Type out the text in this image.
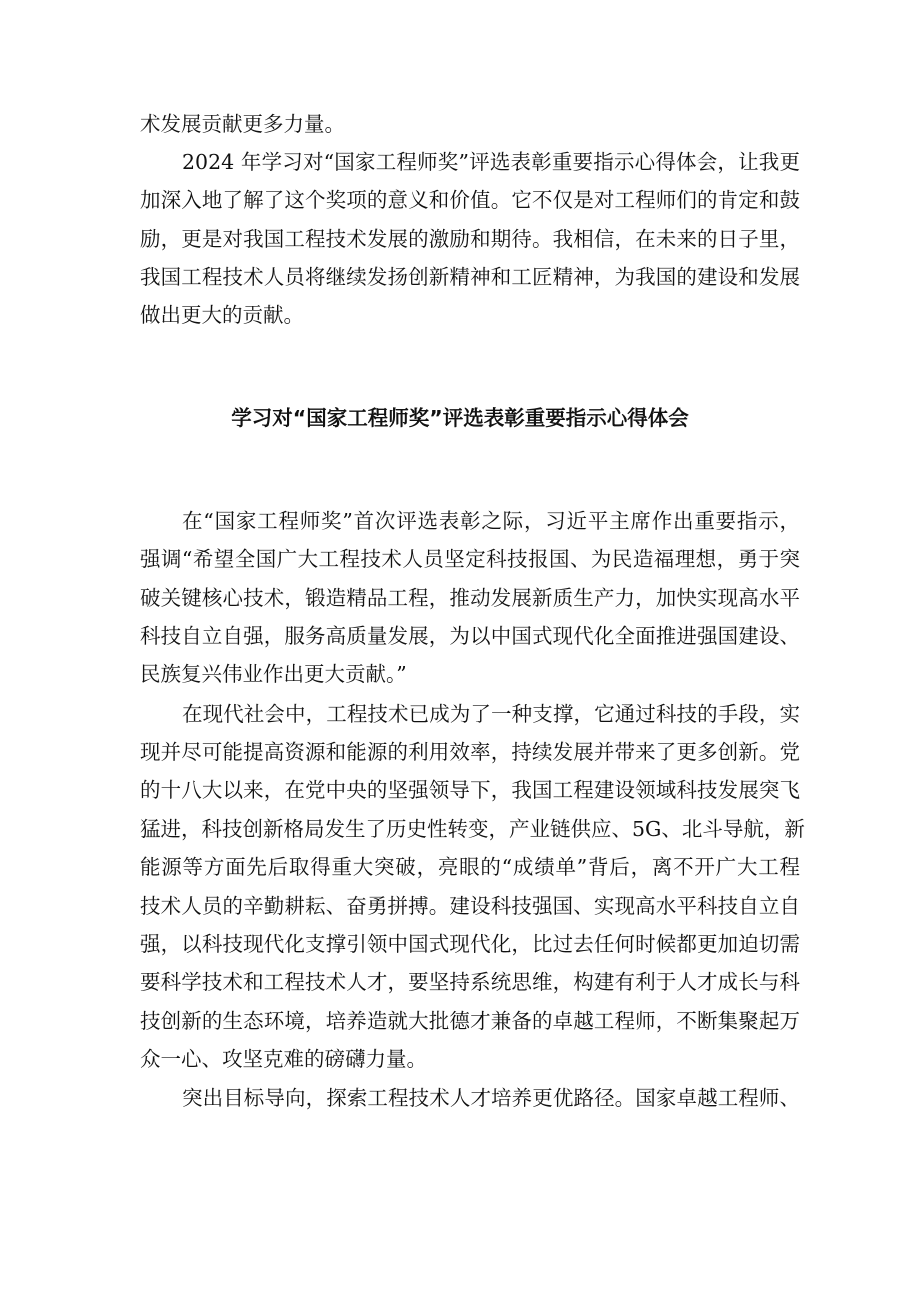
术发展贡献更多力量。
2024 年学习对“国家工程师奖”评选表彰重要指示心得体会，让我更
加深入地了解了这个奖项的意义和价值。它不仅是对工程师们的肯定和鼓
励，更是对我国工程技术发展的激励和期待。我相信，在未来的日子里，
我国工程技术人员将继续发扬创新精神和工匠精神，为我国的建设和发展
做出更大的贡献。
学习对“国家工程师奖”评选表彰重要指示心得体会
在“国家工程师奖”首次评选表彰之际，习近平主席作出重要指示，
强调“希望全国广大工程技术人员坚定科技报国、为民造福理想，勇于突
破关键核心技术，锻造精品工程，推动发展新质生产力，加快实现高水平
科技自立自强，服务高质量发展，为以中国式现代化全面推进强国建设、
民族复兴伟业作出更大贡献。”
在现代社会中，工程技术已成为了一种支撑，它通过科技的手段，实
现并尽可能提高资源和能源的利用效率，持续发展并带来了更多创新。党
的十八大以来，在党中央的坚强领导下，我国工程建设领域科技发展突飞
猛进，科技创新格局发生了历史性转变，产业链供应、5G、北斗导航，新
能源等方面先后取得重大突破，亮眼的“成绩单”背后，离不开广大工程
技术人员的辛勤耕耘、奋勇拼搏。建设科技强国、实现高水平科技自立自
强，以科技现代化支撑引领中国式现代化，比过去任何时候都更加迫切需
要科学技术和工程技术人才，要坚持系统思维，构建有利于人才成长与科
技创新的生态环境，培养造就大批德才兼备的卓越工程师，不断集聚起万
众一心、攻坚克难的磅礴力量。
突出目标导向，探索工程技术人才培养更优路径。国家卓越工程师、
